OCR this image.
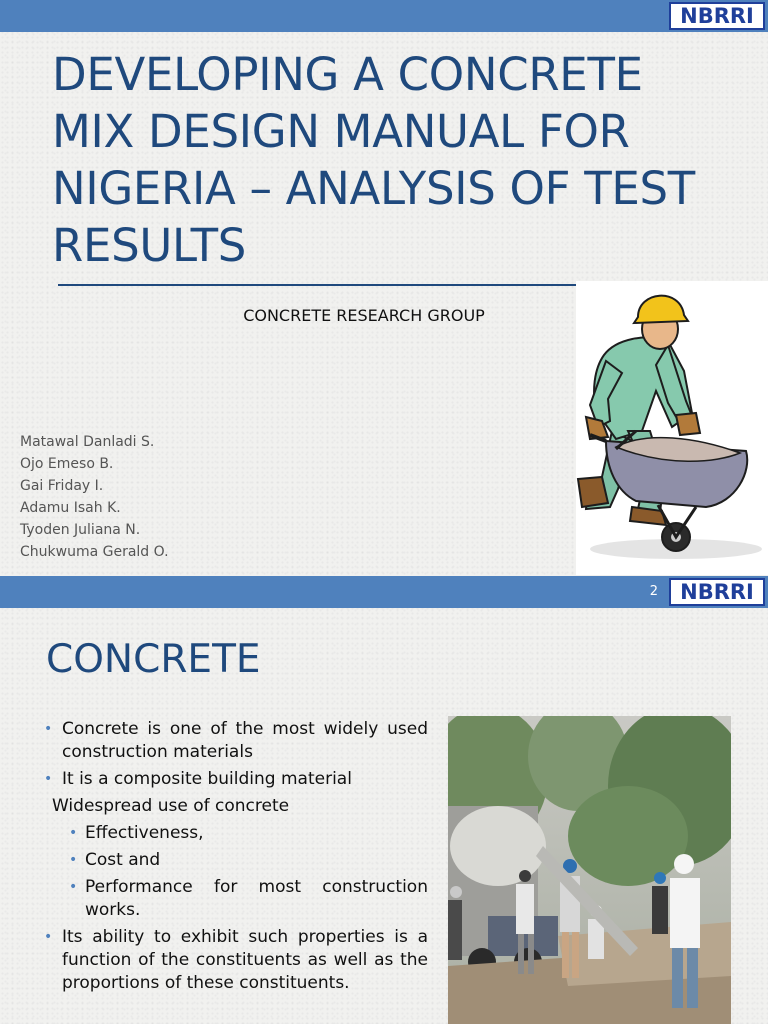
NBRRI
DEVELOPING A CONCRETE MIX DESIGN MANUAL FOR NIGERIA – ANALYSIS OF TEST RESULTS
CONCRETE RESEARCH GROUP
Matawal Danladi S.
Ojo Emeso B.
Gai Friday I.
Adamu Isah K.
Tyoden Juliana N.
Chukwuma Gerald O.
2 NBRRI
CONCRETE
• Concrete is one of the most widely used construction materials
• It is a composite building material
Widespread use of concrete
• Effectiveness,
• Cost and
• Performance for most construction works.
• Its ability to exhibit such properties is a function of the constituents as well as the proportions of these constituents.
